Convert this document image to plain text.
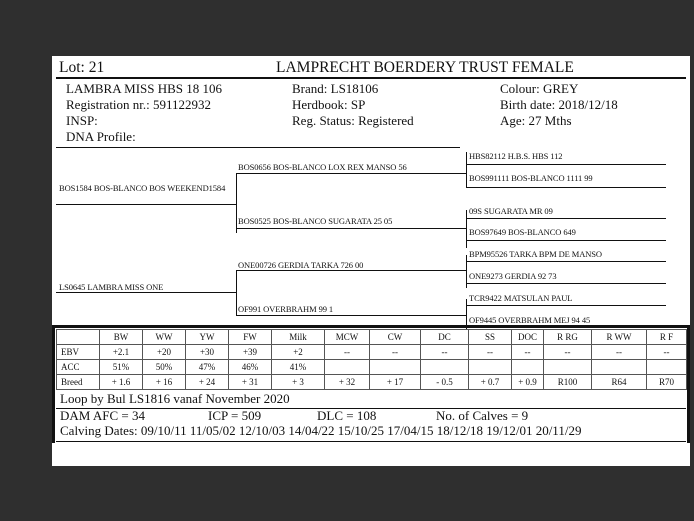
Lot: 21	LAMPRECHT BOERDERY TRUST FEMALE
LAMBRA MISS HBS 18 106
Registration nr.: 591122932
INSP:
DNA Profile:
Brand: LS18106
Herdbook: SP
Reg. Status: Registered
Colour: GREY
Birth date: 2018/12/18
Age: 27 Mths
BOS1584 BOS-BLANCO BOS WEEKEND1584
LS0645 LAMBRA MISS ONE
BOS0656 BOS-BLANCO LOX REX MANSO 56
BOS0525 BOS-BLANCO SUGARATA 25 05
ONE00726 GERDIA TARKA 726 00
OF991 OVERBRAHM 99 1
HBS82112 H.B.S. HBS 112
BOS991111 BOS-BLANCO 1111 99
09S SUGARATA MR 09
BOS97649 BOS-BLANCO 649
BPM95526 TARKA BPM DE MANSO
ONE9273 GERDIA 92 73
TCR9422 MATSULAN PAUL
OF9445 OVERBRAHM MEJ 94 45
	BW	WW	YW	FW	Milk	MCW	CW	DC	SS	DOC	R RG	R WW	R F
EBV	+2.1	+20	+30	+39	+2	--	--	--	--	--	--	--	--
ACC	51%	50%	47%	46%	41%								
Breed	+ 1.6	+ 16	+ 24	+ 31	+ 3	+ 32	+ 17	- 0.5	+ 0.7	+ 0.9	R100	R64	R70
Loop by Bul LS1816 vanaf November 2020
DAM AFC = 34	ICP = 509	DLC = 108	No. of Calves = 9
Calving Dates: 09/10/11 11/05/02 12/10/03 14/04/22 15/10/25 17/04/15 18/12/18 19/12/01 20/11/29
